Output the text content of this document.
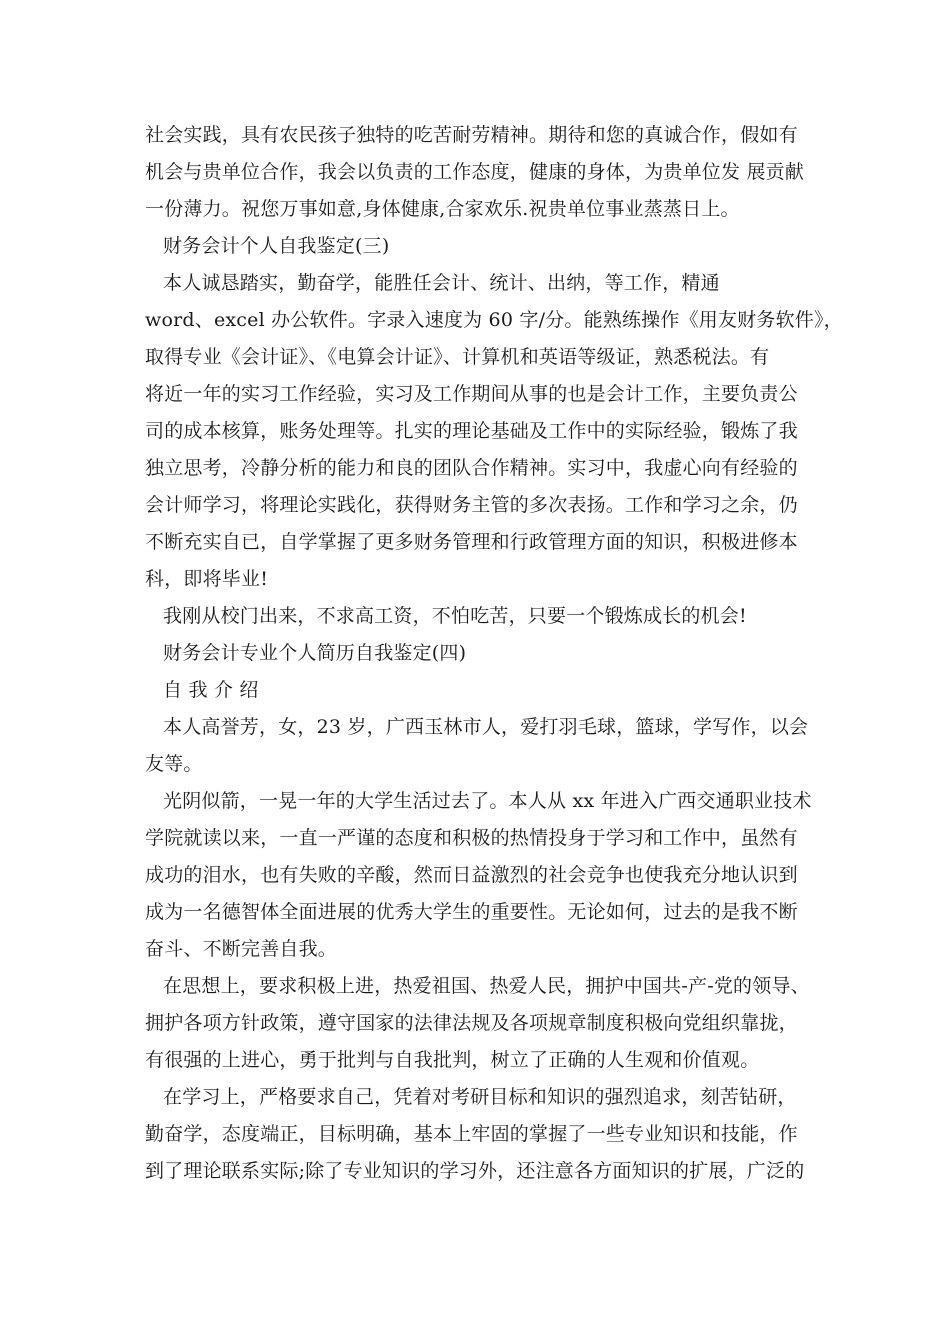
社会实践，具有农民孩子独特的吃苦耐劳精神。期待和您的真诚合作，假如有
机会与贵单位合作，我会以负责的工作态度，健康的身体，为贵单位发 展贡献
一份薄力。祝您万事如意,身体健康,合家欢乐.祝贵单位事业蒸蒸日上。
财务会计个人自我鉴定(三)
本人诚恳踏实，勤奋学，能胜任会计、统计、出纳，等工作，精通
word、excel 办公软件。字录入速度为 60 字/分。能熟练操作《用友财务软件》，
取得专业《会计证》、《电算会计证》、计算机和英语等级证，熟悉税法。有
将近一年的实习工作经验，实习及工作期间从事的也是会计工作，主要负责公
司的成本核算，账务处理等。扎实的理论基础及工作中的实际经验，锻炼了我
独立思考，冷静分析的能力和良的团队合作精神。实习中，我虚心向有经验的
会计师学习，将理论实践化，获得财务主管的多次表扬。工作和学习之余，仍
不断充实自已，自学掌握了更多财务管理和行政管理方面的知识，积极进修本
科，即将毕业!
我刚从校门出来，不求高工资，不怕吃苦，只要一个锻炼成长的机会!
财务会计专业个人简历自我鉴定(四)
自 我 介 绍
本人高誉芳，女，23 岁，广西玉林市人，爱打羽毛球，篮球，学写作，以会
友等。
光阴似箭，一晃一年的大学生活过去了。本人从 xx 年进入广西交通职业技术
学院就读以来，一直一严谨的态度和积极的热情投身于学习和工作中，虽然有
成功的泪水，也有失败的辛酸，然而日益激烈的社会竞争也使我充分地认识到
成为一名德智体全面进展的优秀大学生的重要性。无论如何，过去的是我不断
奋斗、不断完善自我。
在思想上，要求积极上进，热爱祖国、热爱人民，拥护中国共-产-党的领导、
拥护各项方针政策，遵守国家的法律法规及各项规章制度积极向党组织靠拢，
有很强的上进心，勇于批判与自我批判，树立了正确的人生观和价值观。
在学习上，严格要求自己，凭着对考研目标和知识的强烈追求，刻苦钻研，
勤奋学，态度端正，目标明确，基本上牢固的掌握了一些专业知识和技能，作
到了理论联系实际;除了专业知识的学习外，还注意各方面知识的扩展，广泛的
